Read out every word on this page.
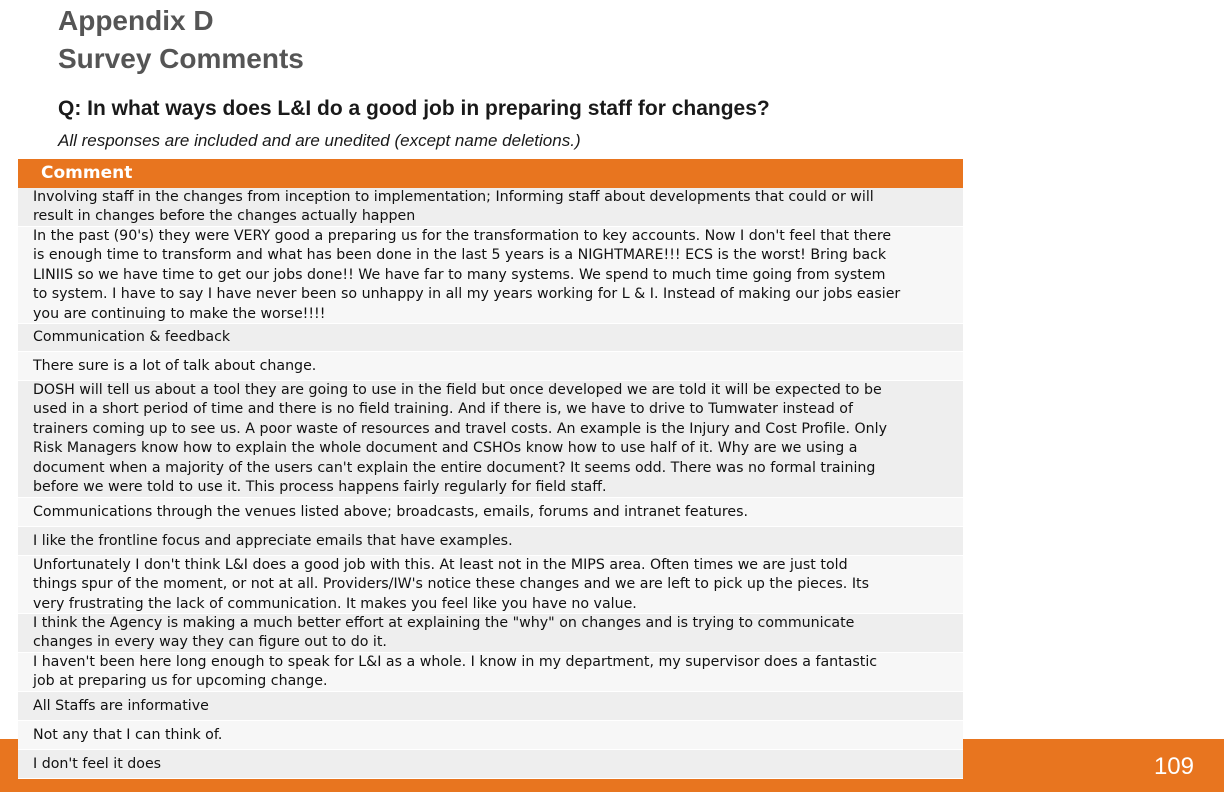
Appendix D
Survey Comments
Q: In what ways does L&I do a good job in preparing staff for changes?
All responses are included and are unedited (except name deletions.)
109
Comment
Involving staff in the changes from inception to implementation; Informing staff about developments that could or will
result in changes before the changes actually happen
In the past (90's) they were VERY good a preparing us for the transformation to key accounts. Now I don't feel that there
is enough time to transform and what has been done in the last 5 years is a NIGHTMARE!!! ECS is the worst! Bring back
LINIIS so we have time to get our jobs done!! We have far to many systems. We spend to much time going from system
to system. I have to say I have never been so unhappy in all my years working for L & I. Instead of making our jobs easier
you are continuing to make the worse!!!!
Communication & feedback
There sure is a lot of talk about change.
DOSH will tell us about a tool they are going to use in the field but once developed we are told it will be expected to be
used in a short period of time and there is no field training. And if there is, we have to drive to Tumwater instead of
trainers coming up to see us. A poor waste of resources and travel costs. An example is the Injury and Cost Profile. Only
Risk Managers know how to explain the whole document and CSHOs know how to use half of it. Why are we using a
document when a majority of the users can't explain the entire document? It seems odd. There was no formal training
before we were told to use it. This process happens fairly regularly for field staff.
Communications through the venues listed above; broadcasts, emails, forums and intranet features.
I like the frontline focus and appreciate emails that have examples.
Unfortunately I don't think L&I does a good job with this. At least not in the MIPS area. Often times we are just told
things spur of the moment, or not at all. Providers/IW's notice these changes and we are left to pick up the pieces. Its
very frustrating the lack of communication. It makes you feel like you have no value.
I think the Agency is making a much better effort at explaining the "why" on changes and is trying to communicate
changes in every way they can figure out to do it.
I haven't been here long enough to speak for L&I as a whole. I know in my department, my supervisor does a fantastic
job at preparing us for upcoming change.
All Staffs are informative
Not any that I can think of.
I don't feel it does
